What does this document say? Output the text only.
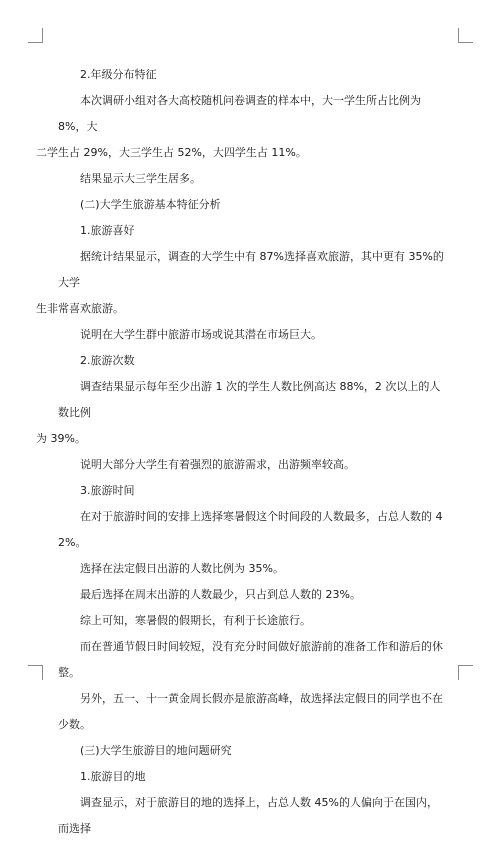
2.年级分布特征

本次调研小组对各大高校随机问卷调查的样本中，大一学生所占比例为 8%，大
二学生占 29%，大三学生占 52%，大四学生占 11%。

结果显示大三学生居多。

(二)大学生旅游基本特征分析

1.旅游喜好

据统计结果显示，调查的大学生中有 87%选择喜欢旅游，其中更有 35%的大学
生非常喜欢旅游。

说明在大学生群中旅游市场或说其潜在市场巨大。

2.旅游次数

调查结果显示每年至少出游 1 次的学生人数比例高达 88%，2 次以上的人数比例
为 39%。

说明大部分大学生有着强烈的旅游需求，出游频率较高。

3.旅游时间

在对于旅游时间的安排上选择寒暑假这个时间段的人数最多，占总人数的 42%。

选择在法定假日出游的人数比例为 35%。

最后选择在周末出游的人数最少，只占到总人数的 23%。

综上可知，寒暑假的假期长，有利于长途旅行。

而在普通节假日时间较短，没有充分时间做好旅游前的准备工作和游后的休整。

另外，五一、十一黄金周长假亦是旅游高峰，故选择法定假日的同学也不在少数。

(三)大学生旅游目的地问题研究

1.旅游目的地

调查显示，对于旅游目的地的选择上，占总人数 45%的人偏向于在国内，而选择
